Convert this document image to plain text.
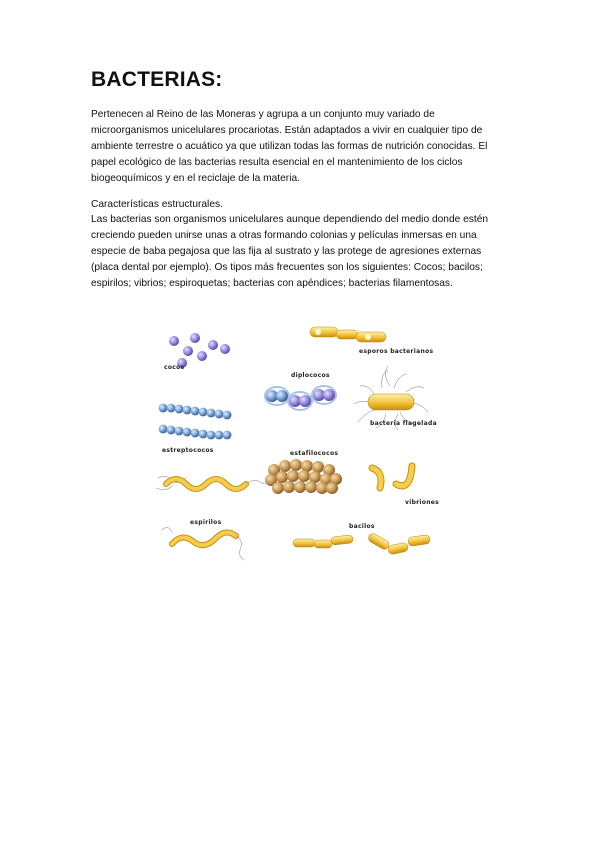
BACTERIAS:

Pertenecen al Reino de las Moneras y agrupa a un conjunto muy variado de microorganismos unicelulares procariotas. Están adaptados a vivir en cualquier tipo de ambiente terrestre o acuático ya que utilizan todas las formas de nutrición conocidas. El papel ecológico de las bacterias resulta esencial en el mantenimiento de los ciclos biogeoquímicos y en el reciclaje de la materia.

Características estructurales.

Las bacterias son organismos unicelulares aunque dependiendo del medio donde estén creciendo pueden unirse unas a otras formando colonias y películas inmersas en una especie de baba pegajosa que las fija al sustrato y las protege de agresiones externas (placa dental por ejemplo). Os tipos más frecuentes son los siguientes: Cocos; bacilos; espirilos; vibrios; espiroquetas; bacterias con apéndices; bacterias filamentosas.

cocos
esporos bacterianos
diplococos
bacteria flagelada
estreptococos	estafilococos
vibriones
espirilos
bacilos
